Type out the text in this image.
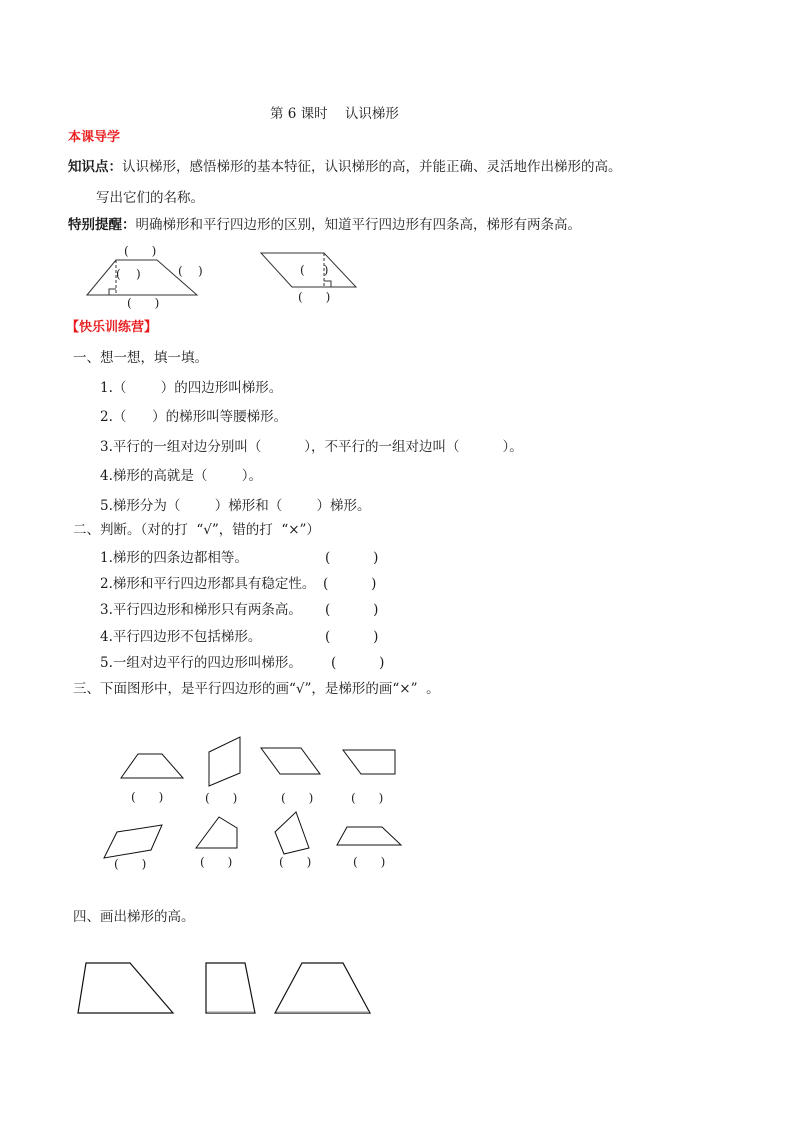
第 6 课时    认识梯形
本课导学
知识点：认识梯形，感悟梯形的基本特征，认识梯形的高，并能正确、灵活地作出梯形的高。
写出它们的名称。
特别提醒：明确梯形和平行四边形的区别，知道平行四边形有四条高，梯形有两条高。
(      )
(    )	(    )
(      )
(     )
(      )
【快乐训练营】
一、想一想，填一填。
1.（        ）的四边形叫梯形。
2.（      ）的梯形叫等腰梯形。
3.平行的一组对边分别叫（          ），不平行的一组对边叫（          ）。
4.梯形的高就是（        ）。
5.梯形分为（        ）梯形和（        ）梯形。
二、判断。（对的打  “√”，错的打  “×”）
1.梯形的四条边都相等。	(          )
2.梯形和平行四边形都具有稳定性。 (          )
3.平行四边形和梯形只有两条高。 (          )
4.平行四边形不包括梯形。	(          )
5.一组对边平行的四边形叫梯形。 (          )
三、下面图形中，是平行四边形的画“√”，是梯形的画“×”  。
(      )	(      )	(      )	(      )
(      )	(      )	(      )	(      )
四、画出梯形的高。
